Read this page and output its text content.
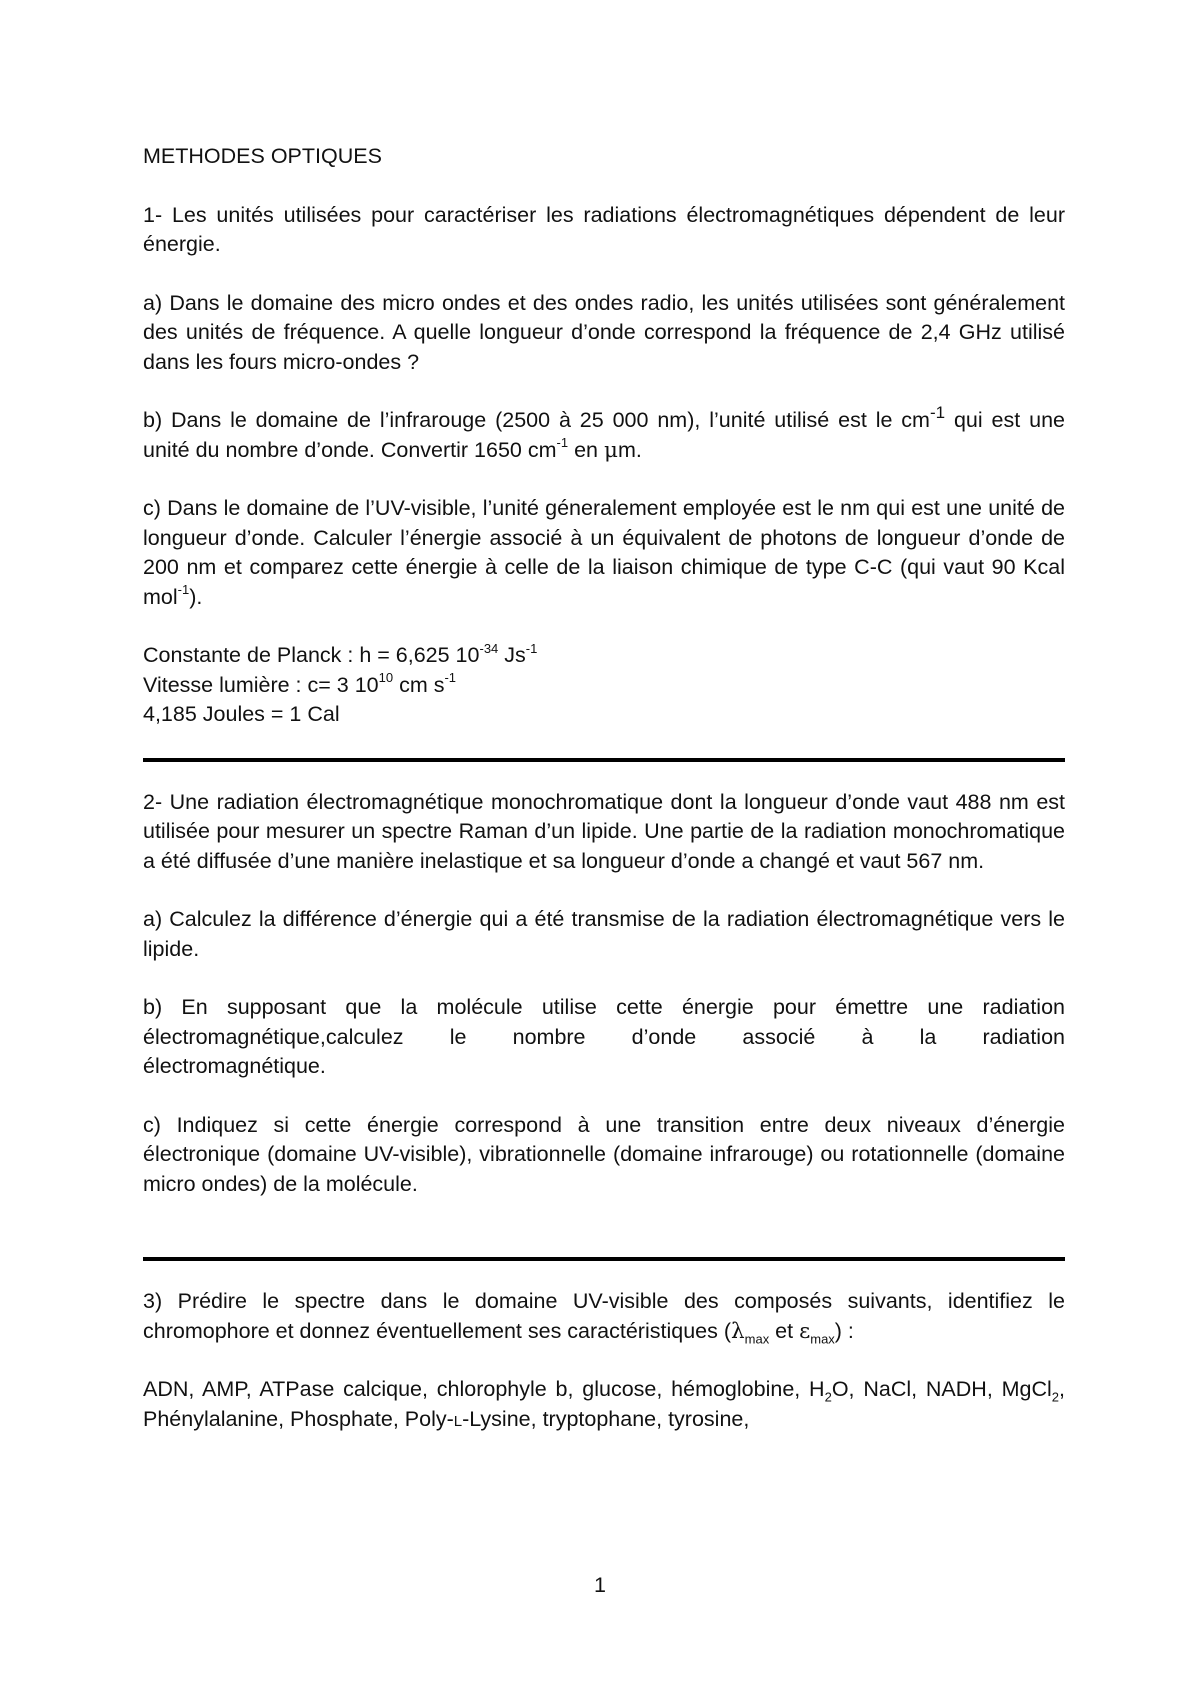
METHODES OPTIQUES

1- Les unités utilisées pour caractériser les radiations électromagnétiques dépendent de leur énergie.

a) Dans le domaine des micro ondes et des ondes radio, les unités utilisées sont généralement des unités de fréquence. A quelle longueur d’onde correspond la fréquence de 2,4 GHz utilisé dans les fours micro-ondes ?

b) Dans le domaine de l’infrarouge (2500 à 25 000 nm), l’unité utilisé est le $cm^{-1}$ qui est une unité du nombre d’onde. Convertir 1650 $cm^{-1}$ en μm.

c) Dans le domaine de l’UV-visible, l’unité géneralement employée est le nm qui est une unité de longueur d’onde. Calculer l’énergie associé à un équivalent de photons de longueur d’onde de 200 nm et comparez cette énergie à celle de la liaison chimique de type C-C (qui vaut 90 Kcal mol$^{-1}$).

Constante de Planck : h = 6,625 $10^{-34}$ $Js^{-1}$

Vitesse lumière : c= 3 $10^{10}$ cm $s^{-1}$

4,185 Joules = 1 Cal

2- Une radiation électromagnétique monochromatique dont la longueur d’onde vaut 488 nm est utilisée pour mesurer un spectre Raman d’un lipide. Une partie de la radiation monochromatique a été diffusée d’une manière inelastique et sa longueur d’onde a changé et vaut 567 nm.

a) Calculez la différence d’énergie qui a été transmise de la radiation électromagnétique vers le lipide.

b) En supposant que la molécule utilise cette énergie pour émettre une radiation

électromagnétique,calculez le nombre d’onde associé à la radiation

électromagnétique.

c) Indiquez si cette énergie correspond à une transition entre deux niveaux d’énergie électronique (domaine UV-visible), vibrationnelle (domaine infrarouge) ou rotationnelle (domaine micro ondes) de la molécule.

3) Prédire le spectre dans le domaine UV-visible des composés suivants, identifiez le chromophore et donnez éventuellement ses caractéristiques ($\lambda_{max}$ et $\varepsilon_{max}$) :

ADN, AMP, ATPase calcique, chlorophyle b, glucose, hémoglobine, $H_2O$, NaCl, NADH, MgCl$_2$, Phénylalanine, Phosphate, Poly-L-Lysine, tryptophane, tyrosine,

1
